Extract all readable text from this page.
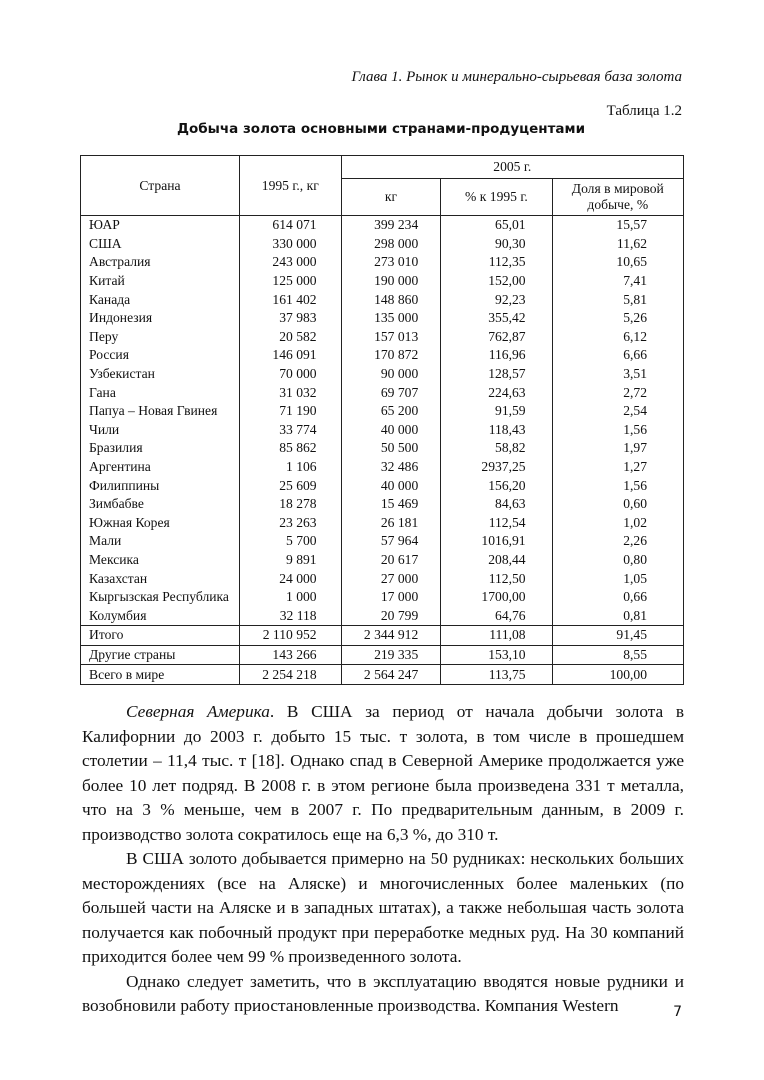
Глава 1. Рынок и минерально-сырьевая база золота
Таблица 1.2
Добыча золота основными странами-продуцентами
Страна	1995 г., кг	2005 г.		
		кг	% к 1995 г.	Доля в мировой добыче, %
ЮАР	614 071	399 234	65,01	15,57
США	330 000	298 000	90,30	11,62
Австралия	243 000	273 010	112,35	10,65
Китай	125 000	190 000	152,00	7,41
Канада	161 402	148 860	92,23	5,81
Индонезия	37 983	135 000	355,42	5,26
Перу	20 582	157 013	762,87	6,12
Россия	146 091	170 872	116,96	6,66
Узбекистан	70 000	90 000	128,57	3,51
Гана	31 032	69 707	224,63	2,72
Папуа – Новая Гвинея	71 190	65 200	91,59	2,54
Чили	33 774	40 000	118,43	1,56
Бразилия	85 862	50 500	58,82	1,97
Аргентина	1 106	32 486	2937,25	1,27
Филиппины	25 609	40 000	156,20	1,56
Зимбабве	18 278	15 469	84,63	0,60
Южная Корея	23 263	26 181	112,54	1,02
Мали	5 700	57 964	1016,91	2,26
Мексика	9 891	20 617	208,44	0,80
Казахстан	24 000	27 000	112,50	1,05
Кыргызская Республика	1 000	17 000	1700,00	0,66
Колумбия	32 118	20 799	64,76	0,81
Итого	2 110 952	2 344 912	111,08	91,45
Другие страны	143 266	219 335	153,10	8,55
Всего в мире	2 254 218	2 564 247	113,75	100,00

Северная Америка. В США за период от начала добычи золота в Калифорнии до 2003 г. добыто 15 тыс. т золота, в том числе в прошедшем столетии – 11,4 тыс. т [18]. Однако спад в Северной Америке продолжается уже более 10 лет подряд. В 2008 г. в этом регионе была произведена 331 т металла, что на 3 % меньше, чем в 2007 г. По предварительным данным, в 2009 г. производство золота сократилось еще на 6,3 %, до 310 т.

В США золото добывается примерно на 50 рудниках: нескольких больших месторождениях (все на Аляске) и многочисленных более маленьких (по большей части на Аляске и в западных штатах), а также небольшая часть золота получается как побочный продукт при переработке медных руд. На 30 компаний приходится более чем 99 % произведенного золота.

Однако следует заметить, что в эксплуатацию вводятся новые рудники и возобновили работу приостановленные производства. Компания Western	7
